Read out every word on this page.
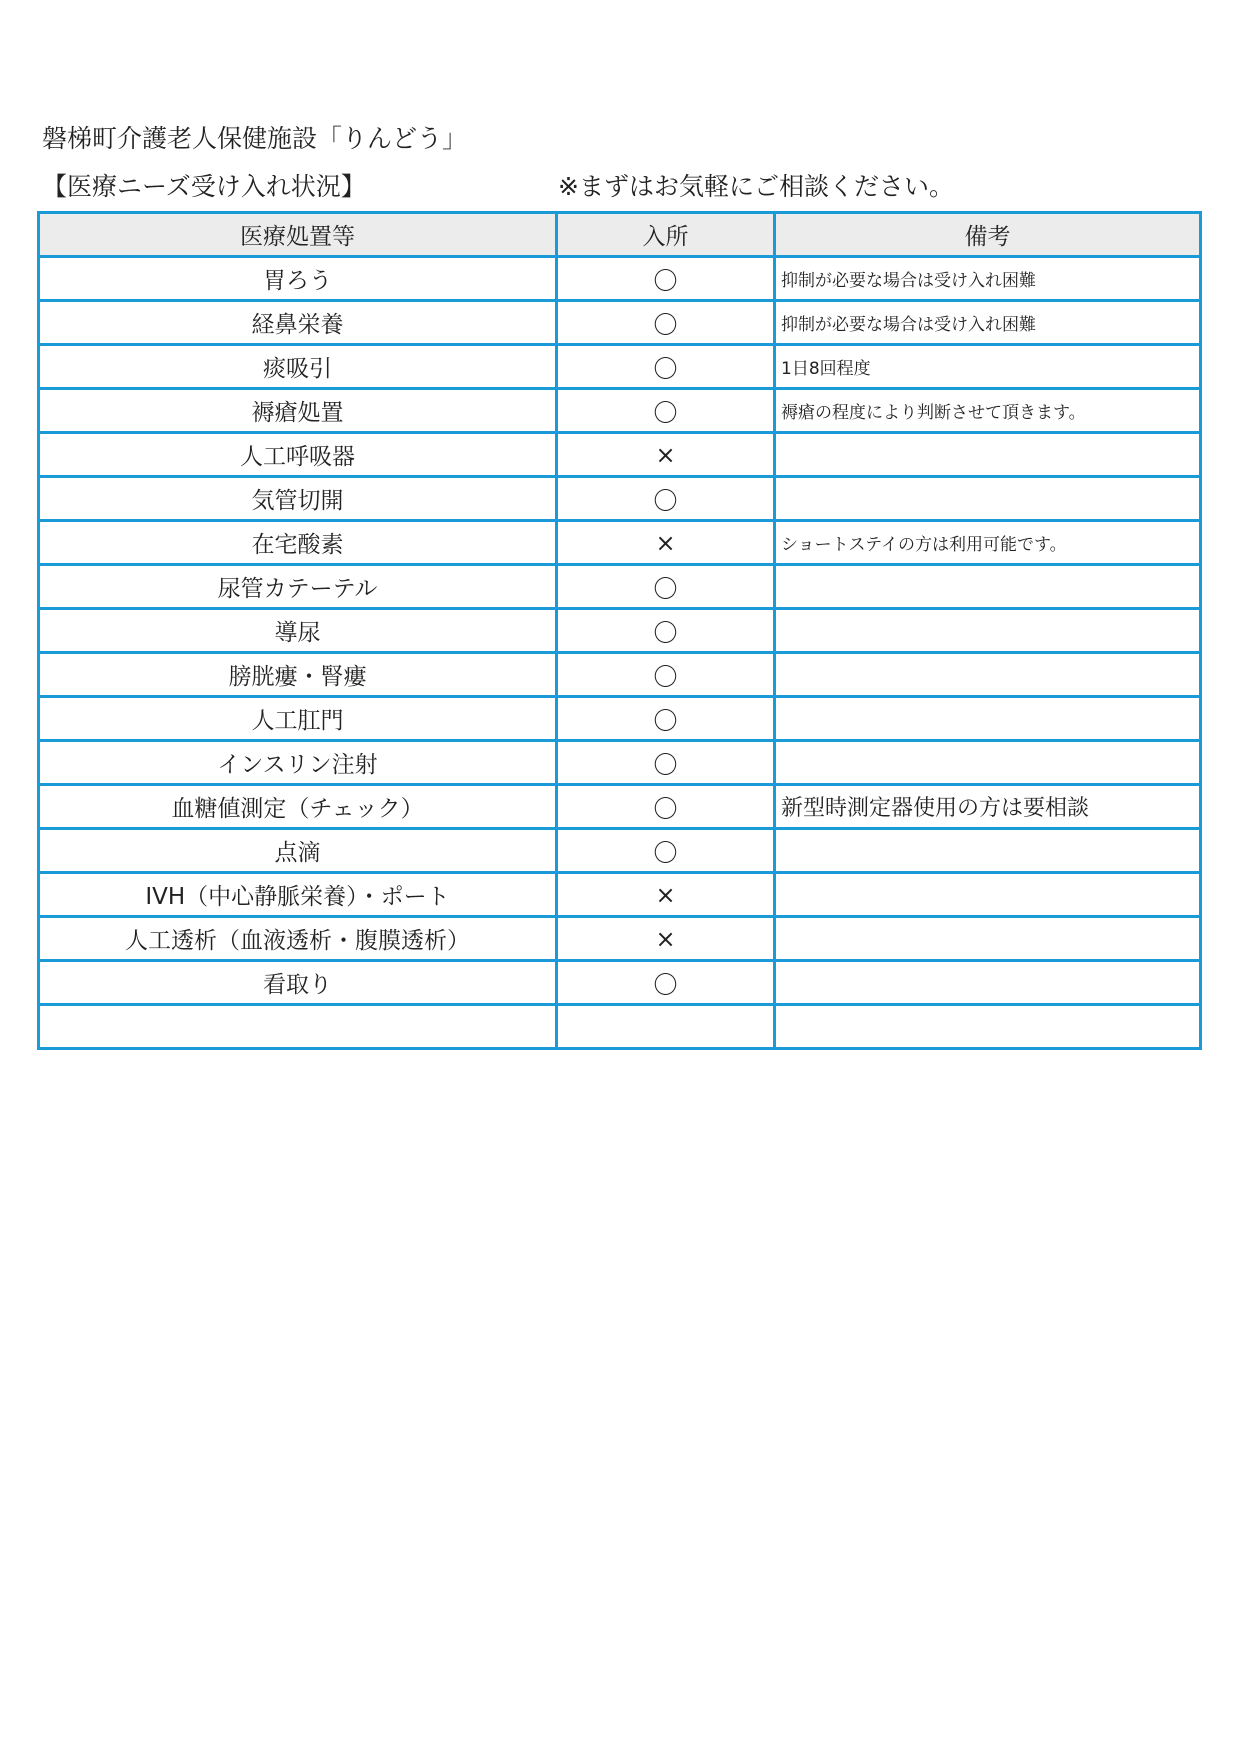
磐梯町介護老人保健施設「りんどう」
【医療ニーズ受け入れ状況】	※まずはお気軽にご相談ください。
医療処置等	入所	備考
胃ろう	〇	抑制が必要な場合は受け入れ困難
経鼻栄養	〇	抑制が必要な場合は受け入れ困難
痰吸引	〇	1日8回程度
褥瘡処置	〇	褥瘡の程度により判断させて頂きます。
人工呼吸器	×	
気管切開	〇	
在宅酸素	×	ショートステイの方は利用可能です。
尿管カテーテル	〇	
導尿	〇	
膀胱瘻・腎瘻	〇	
人工肛門	〇	
インスリン注射	〇	
血糖値測定（チェック）	〇	新型時測定器使用の方は要相談
点滴	〇	
IVH（中心静脈栄養）・ポート	×	
人工透析（血液透析・腹膜透析）	×	
看取り	〇	
